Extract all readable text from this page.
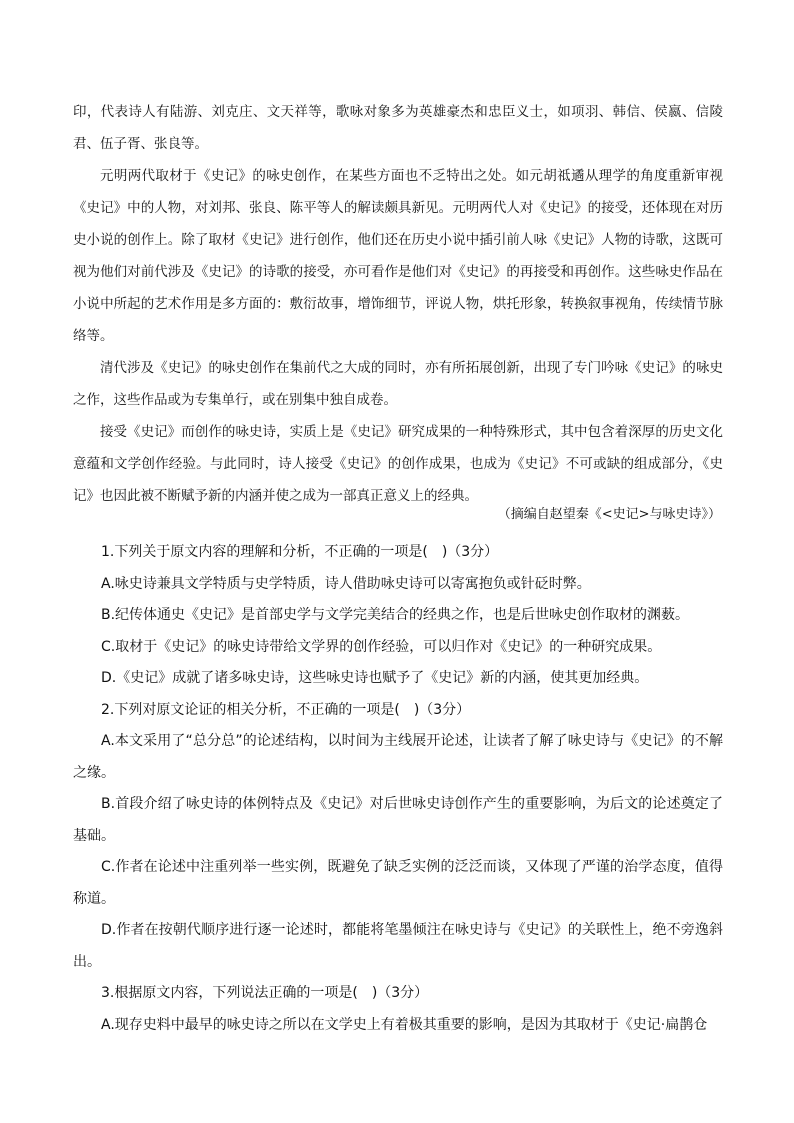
印，代表诗人有陆游、刘克庄、文天祥等，歌咏对象多为英雄豪杰和忠臣义士，如项羽、韩信、侯嬴、信陵君、伍子胥、张良等。

元明两代取材于《史记》的咏史创作，在某些方面也不乏特出之处。如元胡祗遹从理学的角度重新审视《史记》中的人物，对刘邦、张良、陈平等人的解读颇具新见。元明两代人对《史记》的接受，还体现在对历史小说的创作上。除了取材《史记》进行创作，他们还在历史小说中插引前人咏《史记》人物的诗歌，这既可视为他们对前代涉及《史记》的诗歌的接受，亦可看作是他们对《史记》的再接受和再创作。这些咏史作品在小说中所起的艺术作用是多方面的：敷衍故事，增饰细节，评说人物，烘托形象，转换叙事视角，传续情节脉络等。

清代涉及《史记》的咏史创作在集前代之大成的同时，亦有所拓展创新，出现了专门吟咏《史记》的咏史之作，这些作品或为专集单行，或在别集中独自成卷。

接受《史记》而创作的咏史诗，实质上是《史记》研究成果的一种特殊形式，其中包含着深厚的历史文化意蕴和文学创作经验。与此同时，诗人接受《史记》的创作成果，也成为《史记》不可或缺的组成部分，《史记》也因此被不断赋予新的内涵并使之成为一部真正意义上的经典。

（摘编自赵望秦《<史记>与咏史诗》）

1.下列关于原文内容的理解和分析，不正确的一项是(　)（3分）

A.咏史诗兼具文学特质与史学特质，诗人借助咏史诗可以寄寓抱负或针砭时弊。

B.纪传体通史《史记》是首部史学与文学完美结合的经典之作，也是后世咏史创作取材的渊薮。

C.取材于《史记》的咏史诗带给文学界的创作经验，可以归作对《史记》的一种研究成果。

D.《史记》成就了诸多咏史诗，这些咏史诗也赋予了《史记》新的内涵，使其更加经典。

2.下列对原文论证的相关分析，不正确的一项是(　)（3分）

A.本文采用了“总分总”的论述结构，以时间为主线展开论述，让读者了解了咏史诗与《史记》的不解之缘。

B.首段介绍了咏史诗的体例特点及《史记》对后世咏史诗创作产生的重要影响，为后文的论述奠定了基础。

C.作者在论述中注重列举一些实例，既避免了缺乏实例的泛泛而谈，又体现了严谨的治学态度，值得称道。

D.作者在按朝代顺序进行逐一论述时，都能将笔墨倾注在咏史诗与《史记》的关联性上，绝不旁逸斜出。

3.根据原文内容，下列说法正确的一项是(　)（3分）

A.现存史料中最早的咏史诗之所以在文学史上有着极其重要的影响，是因为其取材于《史记·扁鹊仓
